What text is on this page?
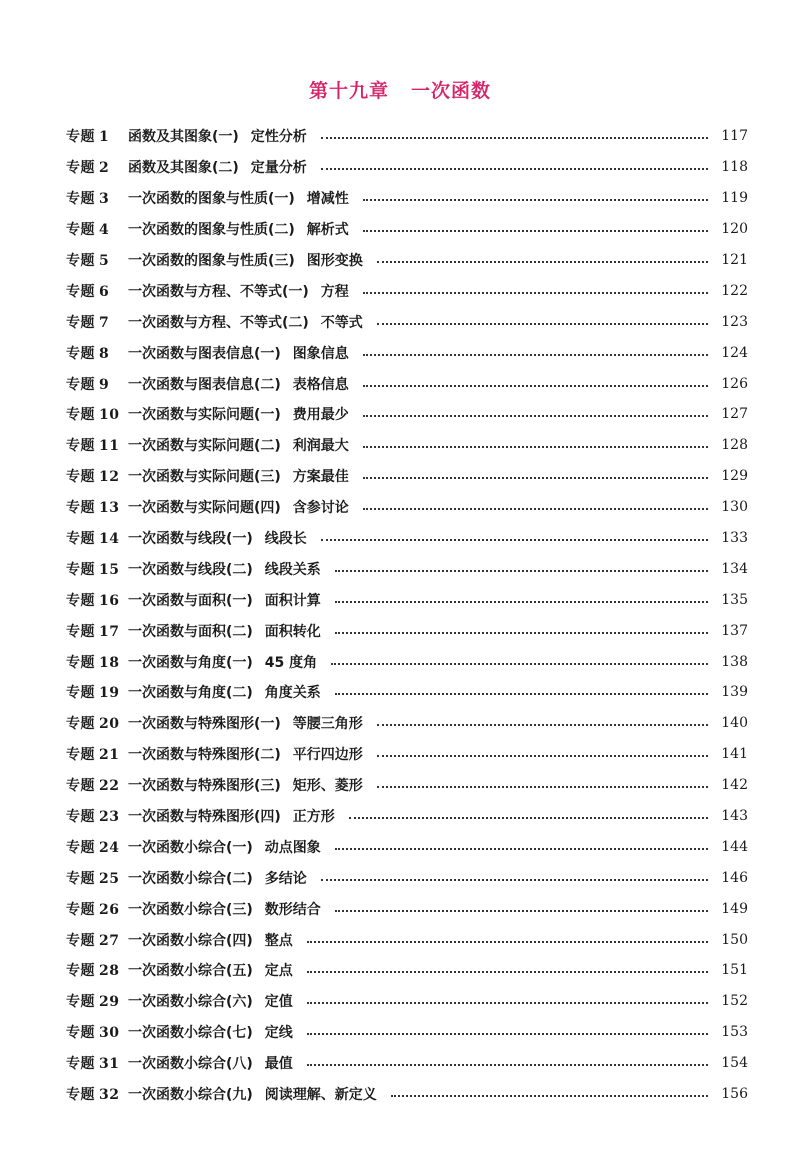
第十九章 一次函数
专题 1	函数及其图象(一) 定性分析	117
专题 2	函数及其图象(二) 定量分析	118
专题 3	一次函数的图象与性质(一) 增减性	119
专题 4	一次函数的图象与性质(二) 解析式	120
专题 5	一次函数的图象与性质(三) 图形变换	121
专题 6	一次函数与方程、不等式(一) 方程	122
专题 7	一次函数与方程、不等式(二) 不等式	123
专题 8	一次函数与图表信息(一) 图象信息	124
专题 9	一次函数与图表信息(二) 表格信息	126
专题 10 一次函数与实际问题(一) 费用最少	127
专题 11 一次函数与实际问题(二) 利润最大	128
专题 12 一次函数与实际问题(三) 方案最佳	129
专题 13 一次函数与实际问题(四) 含参讨论	130
专题 14 一次函数与线段(一) 线段长	133
专题 15 一次函数与线段(二) 线段关系	134
专题 16 一次函数与面积(一) 面积计算	135
专题 17 一次函数与面积(二) 面积转化	137
专题 18 一次函数与角度(一) 45 度角	138
专题 19 一次函数与角度(二) 角度关系	139
专题 20 一次函数与特殊图形(一) 等腰三角形	140
专题 21 一次函数与特殊图形(二) 平行四边形	141
专题 22 一次函数与特殊图形(三) 矩形、菱形	142
专题 23 一次函数与特殊图形(四) 正方形	143
专题 24 一次函数小综合(一) 动点图象	144
专题 25 一次函数小综合(二) 多结论	146
专题 26 一次函数小综合(三) 数形结合	149
专题 27 一次函数小综合(四) 整点	150
专题 28 一次函数小综合(五) 定点	151
专题 29 一次函数小综合(六) 定值	152
专题 30 一次函数小综合(七) 定线	153
专题 31 一次函数小综合(八) 最值	154
专题 32 一次函数小综合(九) 阅读理解、新定义	156
